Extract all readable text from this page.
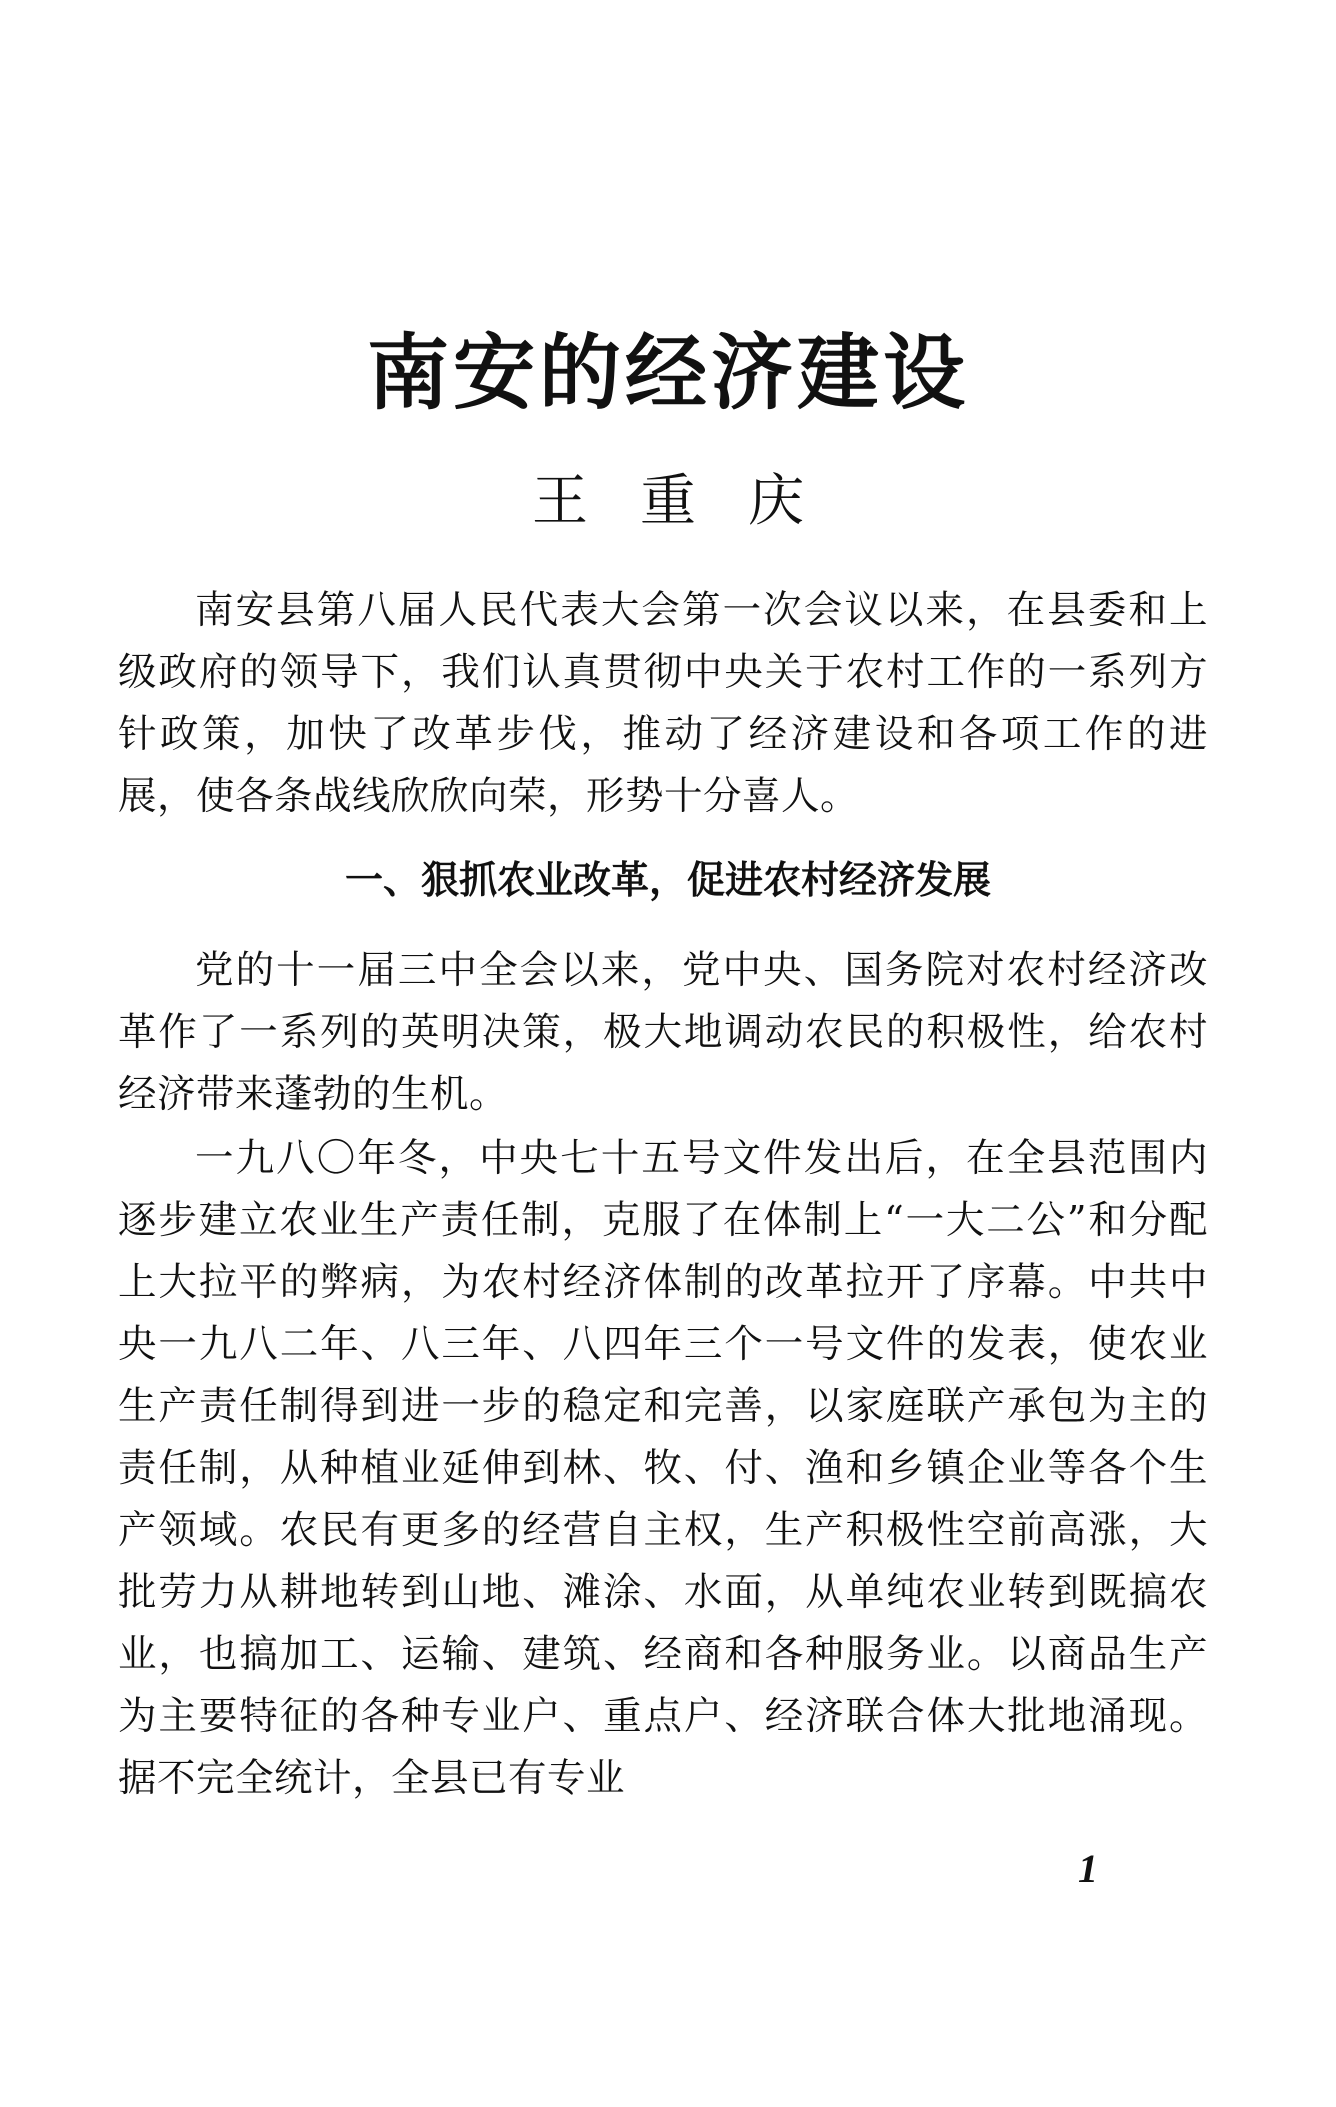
南安的经济建设
王 重 庆

南安县第八届人民代表大会第一次会议以来，在县委和上级政府的领导下，我们认真贯彻中央关于农村工作的一系列方针政策，加快了改革步伐，推动了经济建设和各项工作的进展，使各条战线欣欣向荣，形势十分喜人。

一、狠抓农业改革，促进农村经济发展

党的十一届三中全会以来，党中央、国务院对农村经济改革作了一系列的英明决策，极大地调动农民的积极性，给农村经济带来蓬勃的生机。

一九八〇年冬，中央七十五号文件发出后，在全县范围内逐步建立农业生产责任制，克服了在体制上“一大二公”和分配上大拉平的弊病，为农村经济体制的改革拉开了序幕。中共中央一九八二年、八三年、八四年三个一号文件的发表，使农业生产责任制得到进一步的稳定和完善，以家庭联产承包为主的责任制，从种植业延伸到林、牧、付、渔和乡镇企业等各个生产领域。农民有更多的经营自主权，生产积极性空前高涨，大批劳力从耕地转到山地、滩涂、水面，从单纯农业转到既搞农业，也搞加工、运输、建筑、经商和各种服务业。以商品生产为主要特征的各种专业户、重点户、经济联合体大批地涌现。据不完全统计，全县已有专业

1
